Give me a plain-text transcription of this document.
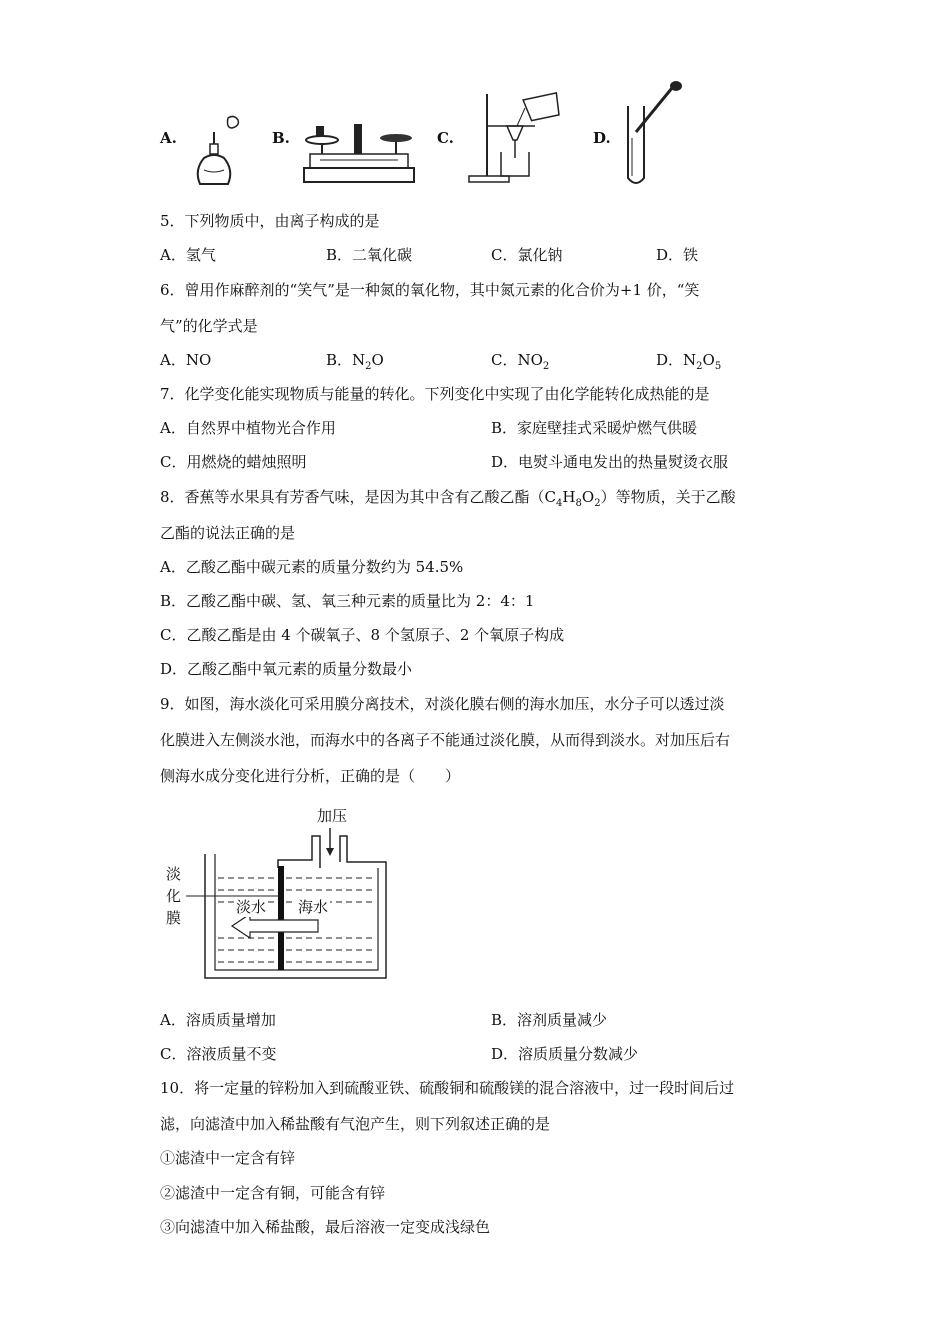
A.	B.	C.	D.
5．下列物质中，由离子构成的是
A．氢气	B．二氧化碳	C．氯化钠	D．铁
6．曾用作麻醉剂的“笑气”是一种氮的氧化物，其中氮元素的化合价为+1 价，“笑
气”的化学式是
A．NO	B．$N_2O$	C．$NO_2$	D．$N_2O_5$
7．化学变化能实现物质与能量的转化。下列变化中实现了由化学能转化成热能的是
A．自然界中植物光合作用	B．家庭壁挂式采暖炉燃气供暖
C．用燃烧的蜡烛照明	D．电熨斗通电发出的热量熨烫衣服
8．香蕉等水果具有芳香气味，是因为其中含有乙酸乙酯$(C_4H_8O_2)$等物质，关于乙酸
乙酯的说法正确的是
A．乙酸乙酯中碳元素的质量分数约为 54.5%
B．乙酸乙酯中碳、氢、氧三种元素的质量比为 2：4：1
C．乙酸乙酯是由 4 个碳氧子、8 个氢原子、2 个氧原子构成
D．乙酸乙酯中氧元素的质量分数最小
9．如图，海水淡化可采用膜分离技术，对淡化膜右侧的海水加压，水分子可以透过淡
化膜进入左侧淡水池，而海水中的各离子不能通过淡化膜，从而得到淡水。对加压后右
侧海水成分变化进行分析，正确的是（　　）
加压
淡
化
膜
淡水 海水
A．溶质质量增加	B．溶剂质量减少
C．溶液质量不变	D．溶质质量分数减少
10．将一定量的锌粉加入到硫酸亚铁、硫酸铜和硫酸镁的混合溶液中，过一段时间后过
滤，向滤渣中加入稀盐酸有气泡产生，则下列叙述正确的是
①滤渣中一定含有锌
②滤渣中一定含有铜，可能含有锌
③向滤渣中加入稀盐酸，最后溶液一定变成浅绿色
